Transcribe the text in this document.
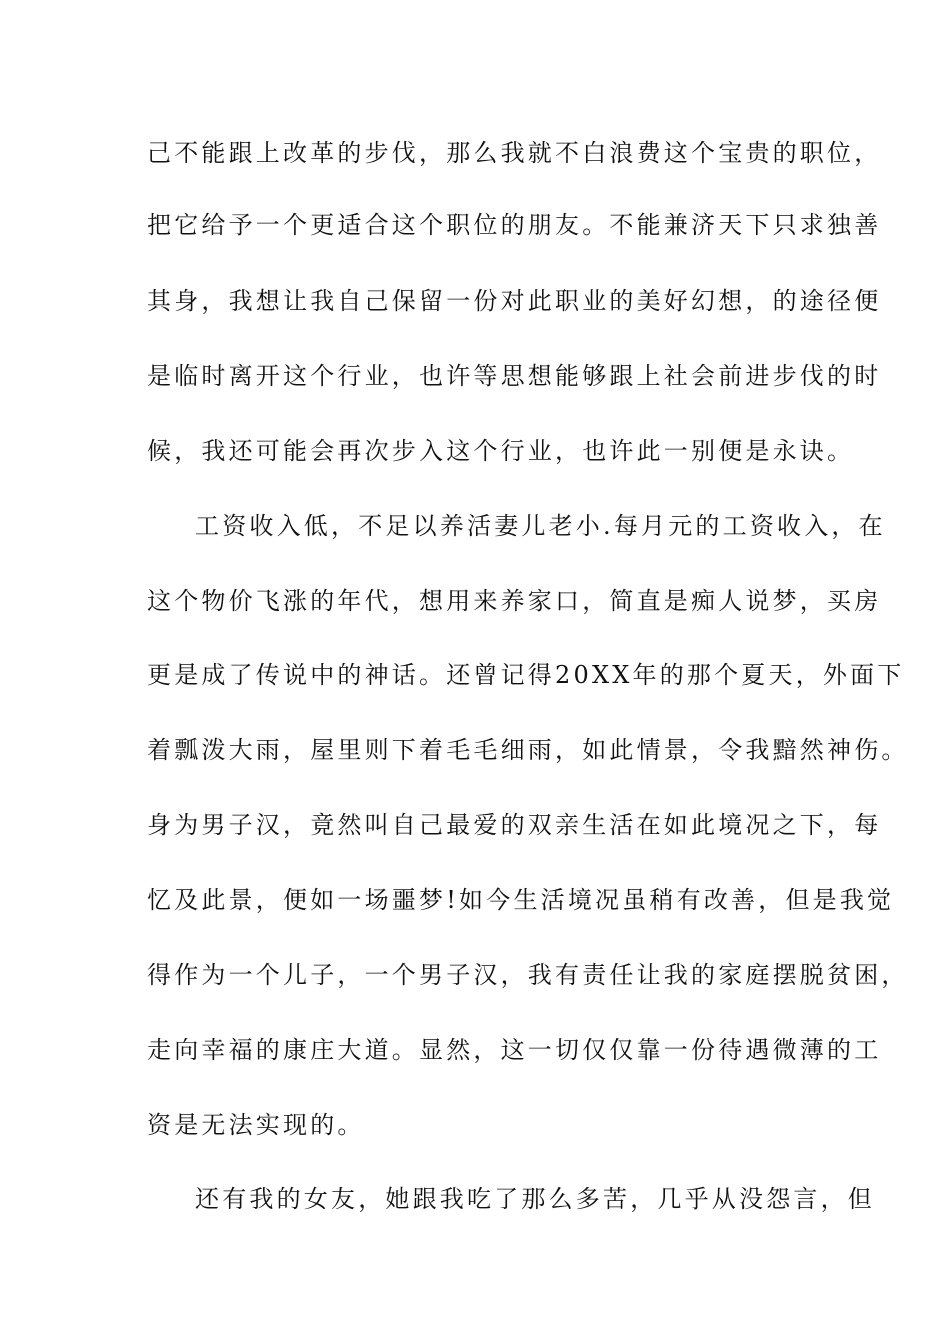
己不能跟上改革的步伐，那么我就不白浪费这个宝贵的职位，
把它给予一个更适合这个职位的朋友。不能兼济天下只求独善
其身，我想让我自己保留一份对此职业的美好幻想，的途径便
是临时离开这个行业，也许等思想能够跟上社会前进步伐的时
候，我还可能会再次步入这个行业，也许此一别便是永诀。
工资收入低，不足以养活妻儿老小.每月元的工资收入，在
这个物价飞涨的年代，想用来养家口，简直是痴人说梦，买房
更是成了传说中的神话。还曾记得20XX年的那个夏天，外面下
着瓢泼大雨，屋里则下着毛毛细雨，如此情景，令我黯然神伤。
身为男子汉，竟然叫自己最爱的双亲生活在如此境况之下，每
忆及此景，便如一场噩梦!如今生活境况虽稍有改善，但是我觉
得作为一个儿子，一个男子汉，我有责任让我的家庭摆脱贫困，
走向幸福的康庄大道。显然，这一切仅仅靠一份待遇微薄的工
资是无法实现的。
还有我的女友，她跟我吃了那么多苦，几乎从没怨言，但
